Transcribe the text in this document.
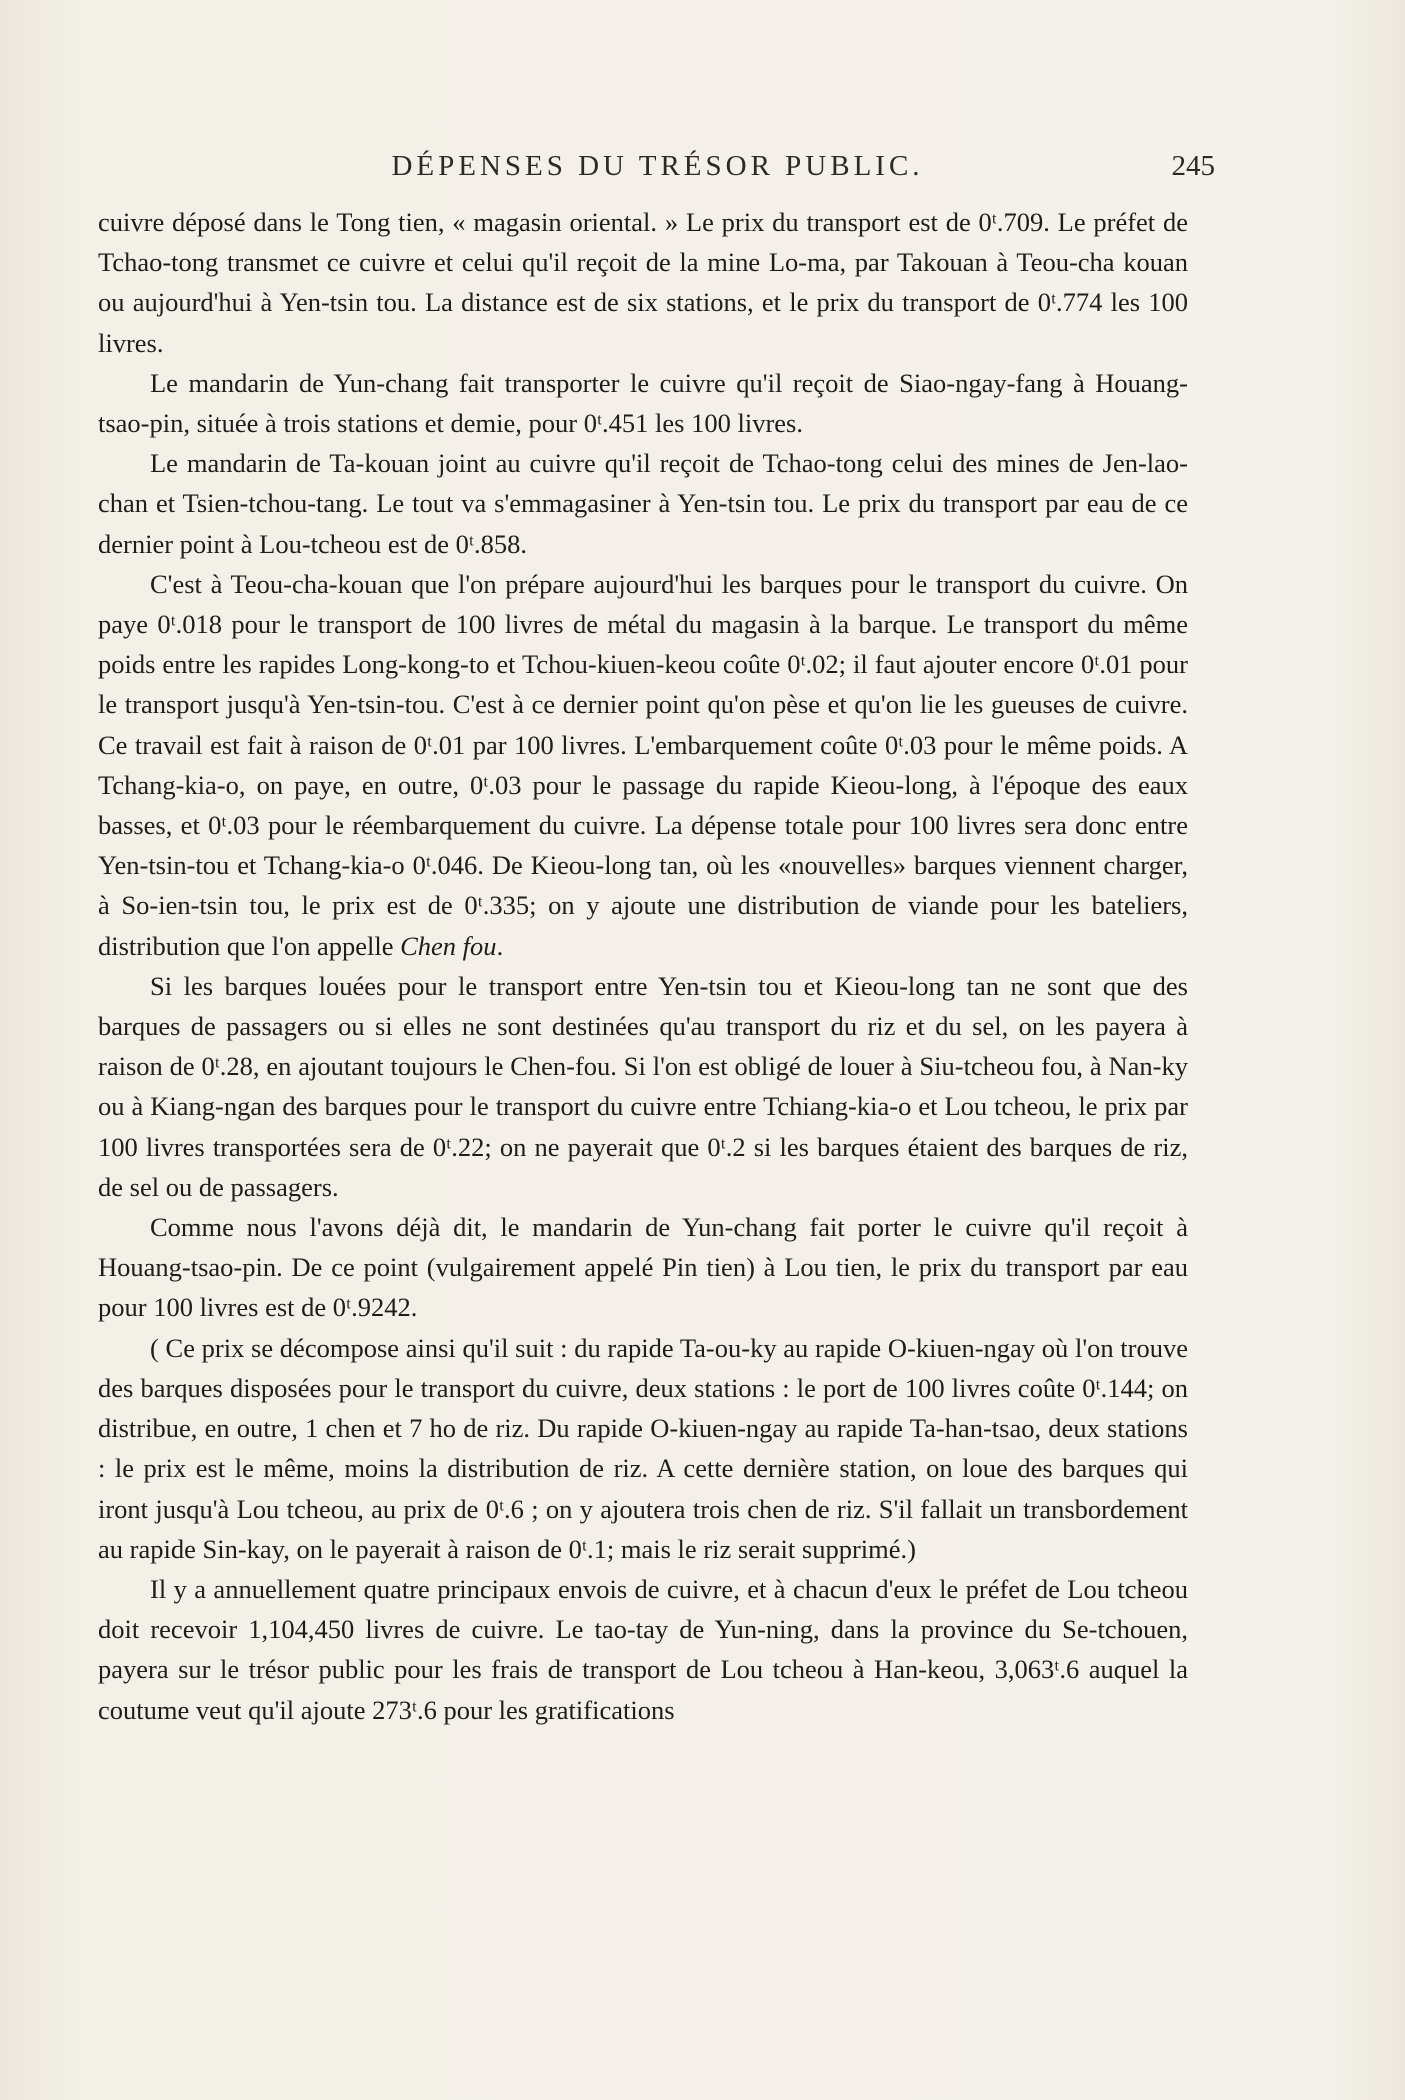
DÉPENSES DU TRÉSOR PUBLIC.	245

cuivre déposé dans le Tong tien, « magasin oriental. » Le prix du transport est de 0ᵗ.709. Le préfet de Tchao-tong transmet ce cuivre et celui qu'il reçoit de la mine Lo-ma, par Takouan à Teou-cha kouan ou aujourd'hui à Yen-tsin tou. La distance est de six stations, et le prix du transport de 0ᵗ.774 les 100 livres.

Le mandarin de Yun-chang fait transporter le cuivre qu'il reçoit de Siao-ngay-fang à Houang-tsao-pin, située à trois stations et demie, pour 0ᵗ.451 les 100 livres.

Le mandarin de Ta-kouan joint au cuivre qu'il reçoit de Tchao-tong celui des mines de Jen-lao-chan et Tsien-tchou-tang. Le tout va s'emmagasiner à Yen-tsin tou. Le prix du transport par eau de ce dernier point à Lou-tcheou est de 0ᵗ.858.

C'est à Teou-cha-kouan que l'on prépare aujourd'hui les barques pour le transport du cuivre. On paye 0ᵗ.018 pour le transport de 100 livres de métal du magasin à la barque. Le transport du même poids entre les rapides Long-kong-to et Tchou-kiuen-keou coûte 0ᵗ.02; il faut ajouter encore 0ᵗ.01 pour le transport jusqu'à Yen-tsin-tou. C'est à ce dernier point qu'on pèse et qu'on lie les gueuses de cuivre. Ce travail est fait à raison de 0ᵗ.01 par 100 livres. L'embarquement coûte 0ᵗ.03 pour le même poids. A Tchang-kia-o, on paye, en outre, 0ᵗ.03 pour le passage du rapide Kieou-long, à l'époque des eaux basses, et 0ᵗ.03 pour le réembarquement du cuivre. La dépense totale pour 100 livres sera donc entre Yen-tsin-tou et Tchang-kia-o 0ᵗ.046. De Kieou-long tan, où les «nouvelles» barques viennent charger, à So-ien-tsin tou, le prix est de 0ᵗ.335; on y ajoute une distribution de viande pour les bateliers, distribution que l'on appelle Chen fou.

Si les barques louées pour le transport entre Yen-tsin tou et Kieou-long tan ne sont que des barques de passagers ou si elles ne sont destinées qu'au transport du riz et du sel, on les payera à raison de 0ᵗ.28, en ajoutant toujours le Chen-fou. Si l'on est obligé de louer à Siu-tcheou fou, à Nan-ky ou à Kiang-ngan des barques pour le transport du cuivre entre Tchiang-kia-o et Lou tcheou, le prix par 100 livres transportées sera de 0ᵗ.22; on ne payerait que 0ᵗ.2 si les barques étaient des barques de riz, de sel ou de passagers.

Comme nous l'avons déjà dit, le mandarin de Yun-chang fait porter le cuivre qu'il reçoit à Houang-tsao-pin. De ce point (vulgairement appelé Pin tien) à Lou tien, le prix du transport par eau pour 100 livres est de 0ᵗ.9242.

( Ce prix se décompose ainsi qu'il suit : du rapide Ta-ou-ky au rapide O-kiuen-ngay où l'on trouve des barques disposées pour le transport du cuivre, deux stations : le port de 100 livres coûte 0ᵗ.144; on distribue, en outre, 1 chen et 7 ho de riz. Du rapide O-kiuen-ngay au rapide Ta-han-tsao, deux stations : le prix est le même, moins la distribution de riz. A cette dernière station, on loue des barques qui iront jusqu'à Lou tcheou, au prix de 0ᵗ.6 ; on y ajoutera trois chen de riz. S'il fallait un transbordement au rapide Sin-kay, on le payerait à raison de 0ᵗ.1; mais le riz serait supprimé.)

Il y a annuellement quatre principaux envois de cuivre, et à chacun d'eux le préfet de Lou tcheou doit recevoir 1,104,450 livres de cuivre. Le tao-tay de Yun-ning, dans la province du Se-tchouen, payera sur le trésor public pour les frais de transport de Lou tcheou à Han-keou, 3,063ᵗ.6 auquel la coutume veut qu'il ajoute 273ᵗ.6 pour les gratifications
